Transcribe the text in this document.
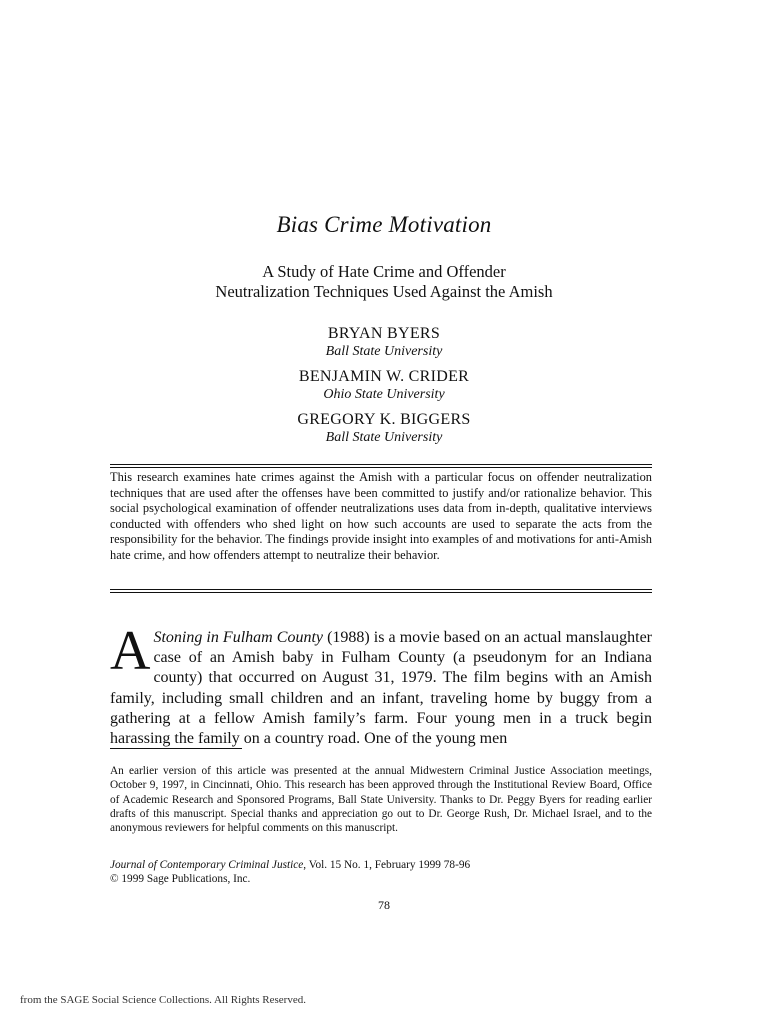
Bias Crime Motivation
A Study of Hate Crime and Offender
Neutralization Techniques Used Against the Amish
BRYAN BYERS
Ball State University
BENJAMIN W. CRIDER
Ohio State University
GREGORY K. BIGGERS
Ball State University

This research examines hate crimes against the Amish with a particular focus on offender neutralization techniques that are used after the offenses have been committed to justify and/or rationalize behavior. This social psychological examination of offender neutralizations uses data from in-depth, qualitative interviews conducted with offenders who shed light on how such accounts are used to separate the acts from the responsibility for the behavior. The findings provide insight into examples of and motivations for anti-Amish hate crime, and how offenders attempt to neutralize their behavior.

A Stoning in Fulham County (1988) is a movie based on an actual manslaughter case of an Amish baby in Fulham County (a pseudonym for an Indiana county) that occurred on August 31, 1979. The film begins with an Amish family, including small children and an infant, traveling home by buggy from a gathering at a fellow Amish family’s farm. Four young men in a truck begin harassing the family on a country road. One of the young men

An earlier version of this article was presented at the annual Midwestern Criminal Justice Association meetings, October 9, 1997, in Cincinnati, Ohio. This research has been approved through the Institutional Review Board, Office of Academic Research and Sponsored Programs, Ball State University. Thanks to Dr. Peggy Byers for reading earlier drafts of this manuscript. Special thanks and appreciation go out to Dr. George Rush, Dr. Michael Israel, and to the anonymous reviewers for helpful comments on this manuscript.

Journal of Contemporary Criminal Justice, Vol. 15 No. 1, February 1999 78-96
© 1999 Sage Publications, Inc.
78
from the SAGE Social Science Collections. All Rights Reserved.
